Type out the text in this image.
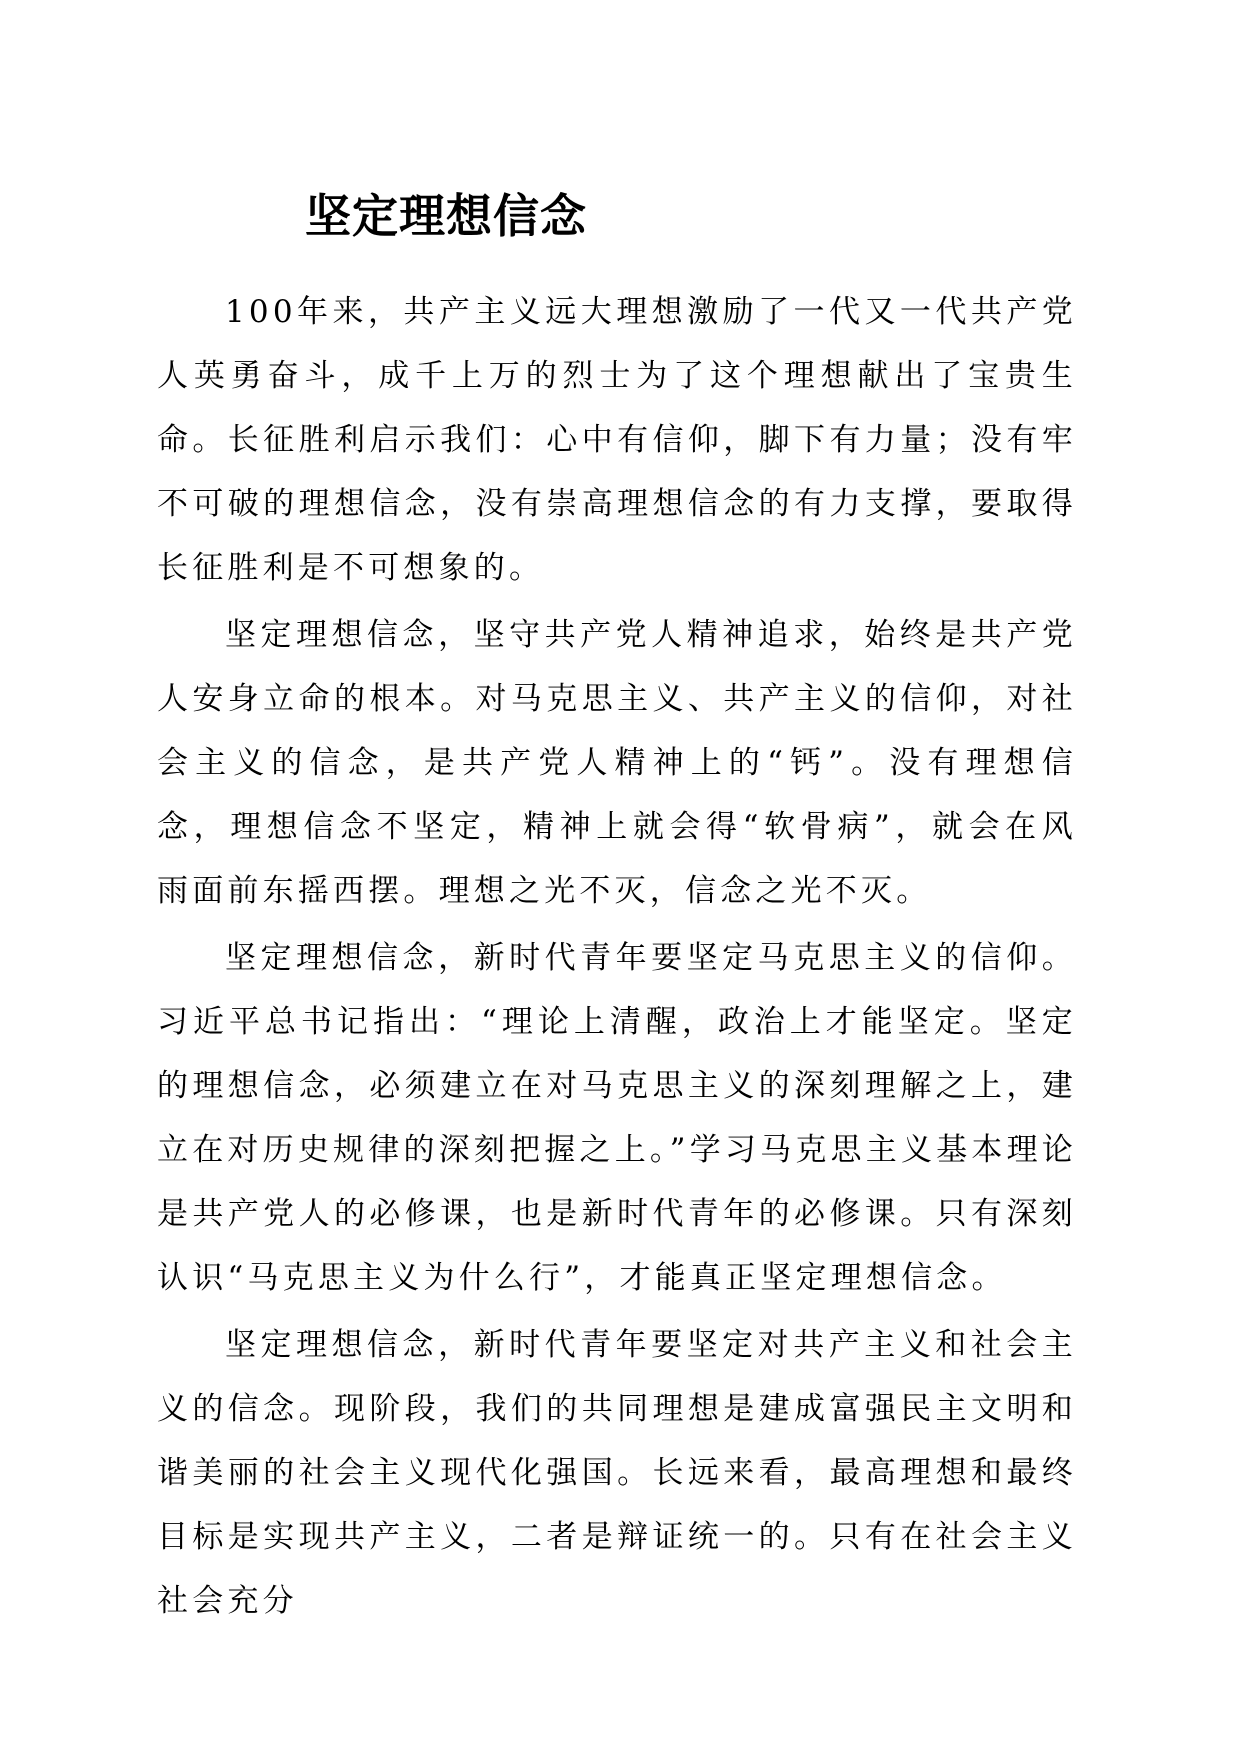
坚定理想信念

100年来，共产主义远大理想激励了一代又一代共产党人英勇奋斗，成千上万的烈士为了这个理想献出了宝贵生命。长征胜利启示我们：心中有信仰，脚下有力量；没有牢不可破的理想信念，没有崇高理想信念的有力支撑，要取得长征胜利是不可想象的。

坚定理想信念，坚守共产党人精神追求，始终是共产党人安身立命的根本。对马克思主义、共产主义的信仰，对社会主义的信念，是共产党人精神上的“钙”。没有理想信念，理想信念不坚定，精神上就会得“软骨病”，就会在风雨面前东摇西摆。理想之光不灭，信念之光不灭。

坚定理想信念，新时代青年要坚定马克思主义的信仰。习近平总书记指出：“理论上清醒，政治上才能坚定。坚定的理想信念，必须建立在对马克思主义的深刻理解之上，建立在对历史规律的深刻把握之上。”学习马克思主义基本理论是共产党人的必修课，也是新时代青年的必修课。只有深刻认识“马克思主义为什么行”，才能真正坚定理想信念。

坚定理想信念，新时代青年要坚定对共产主义和社会主义的信念。现阶段，我们的共同理想是建成富强民主文明和谐美丽的社会主义现代化强国。长远来看，最高理想和最终目标是实现共产主义，二者是辩证统一的。只有在社会主义社会充分
